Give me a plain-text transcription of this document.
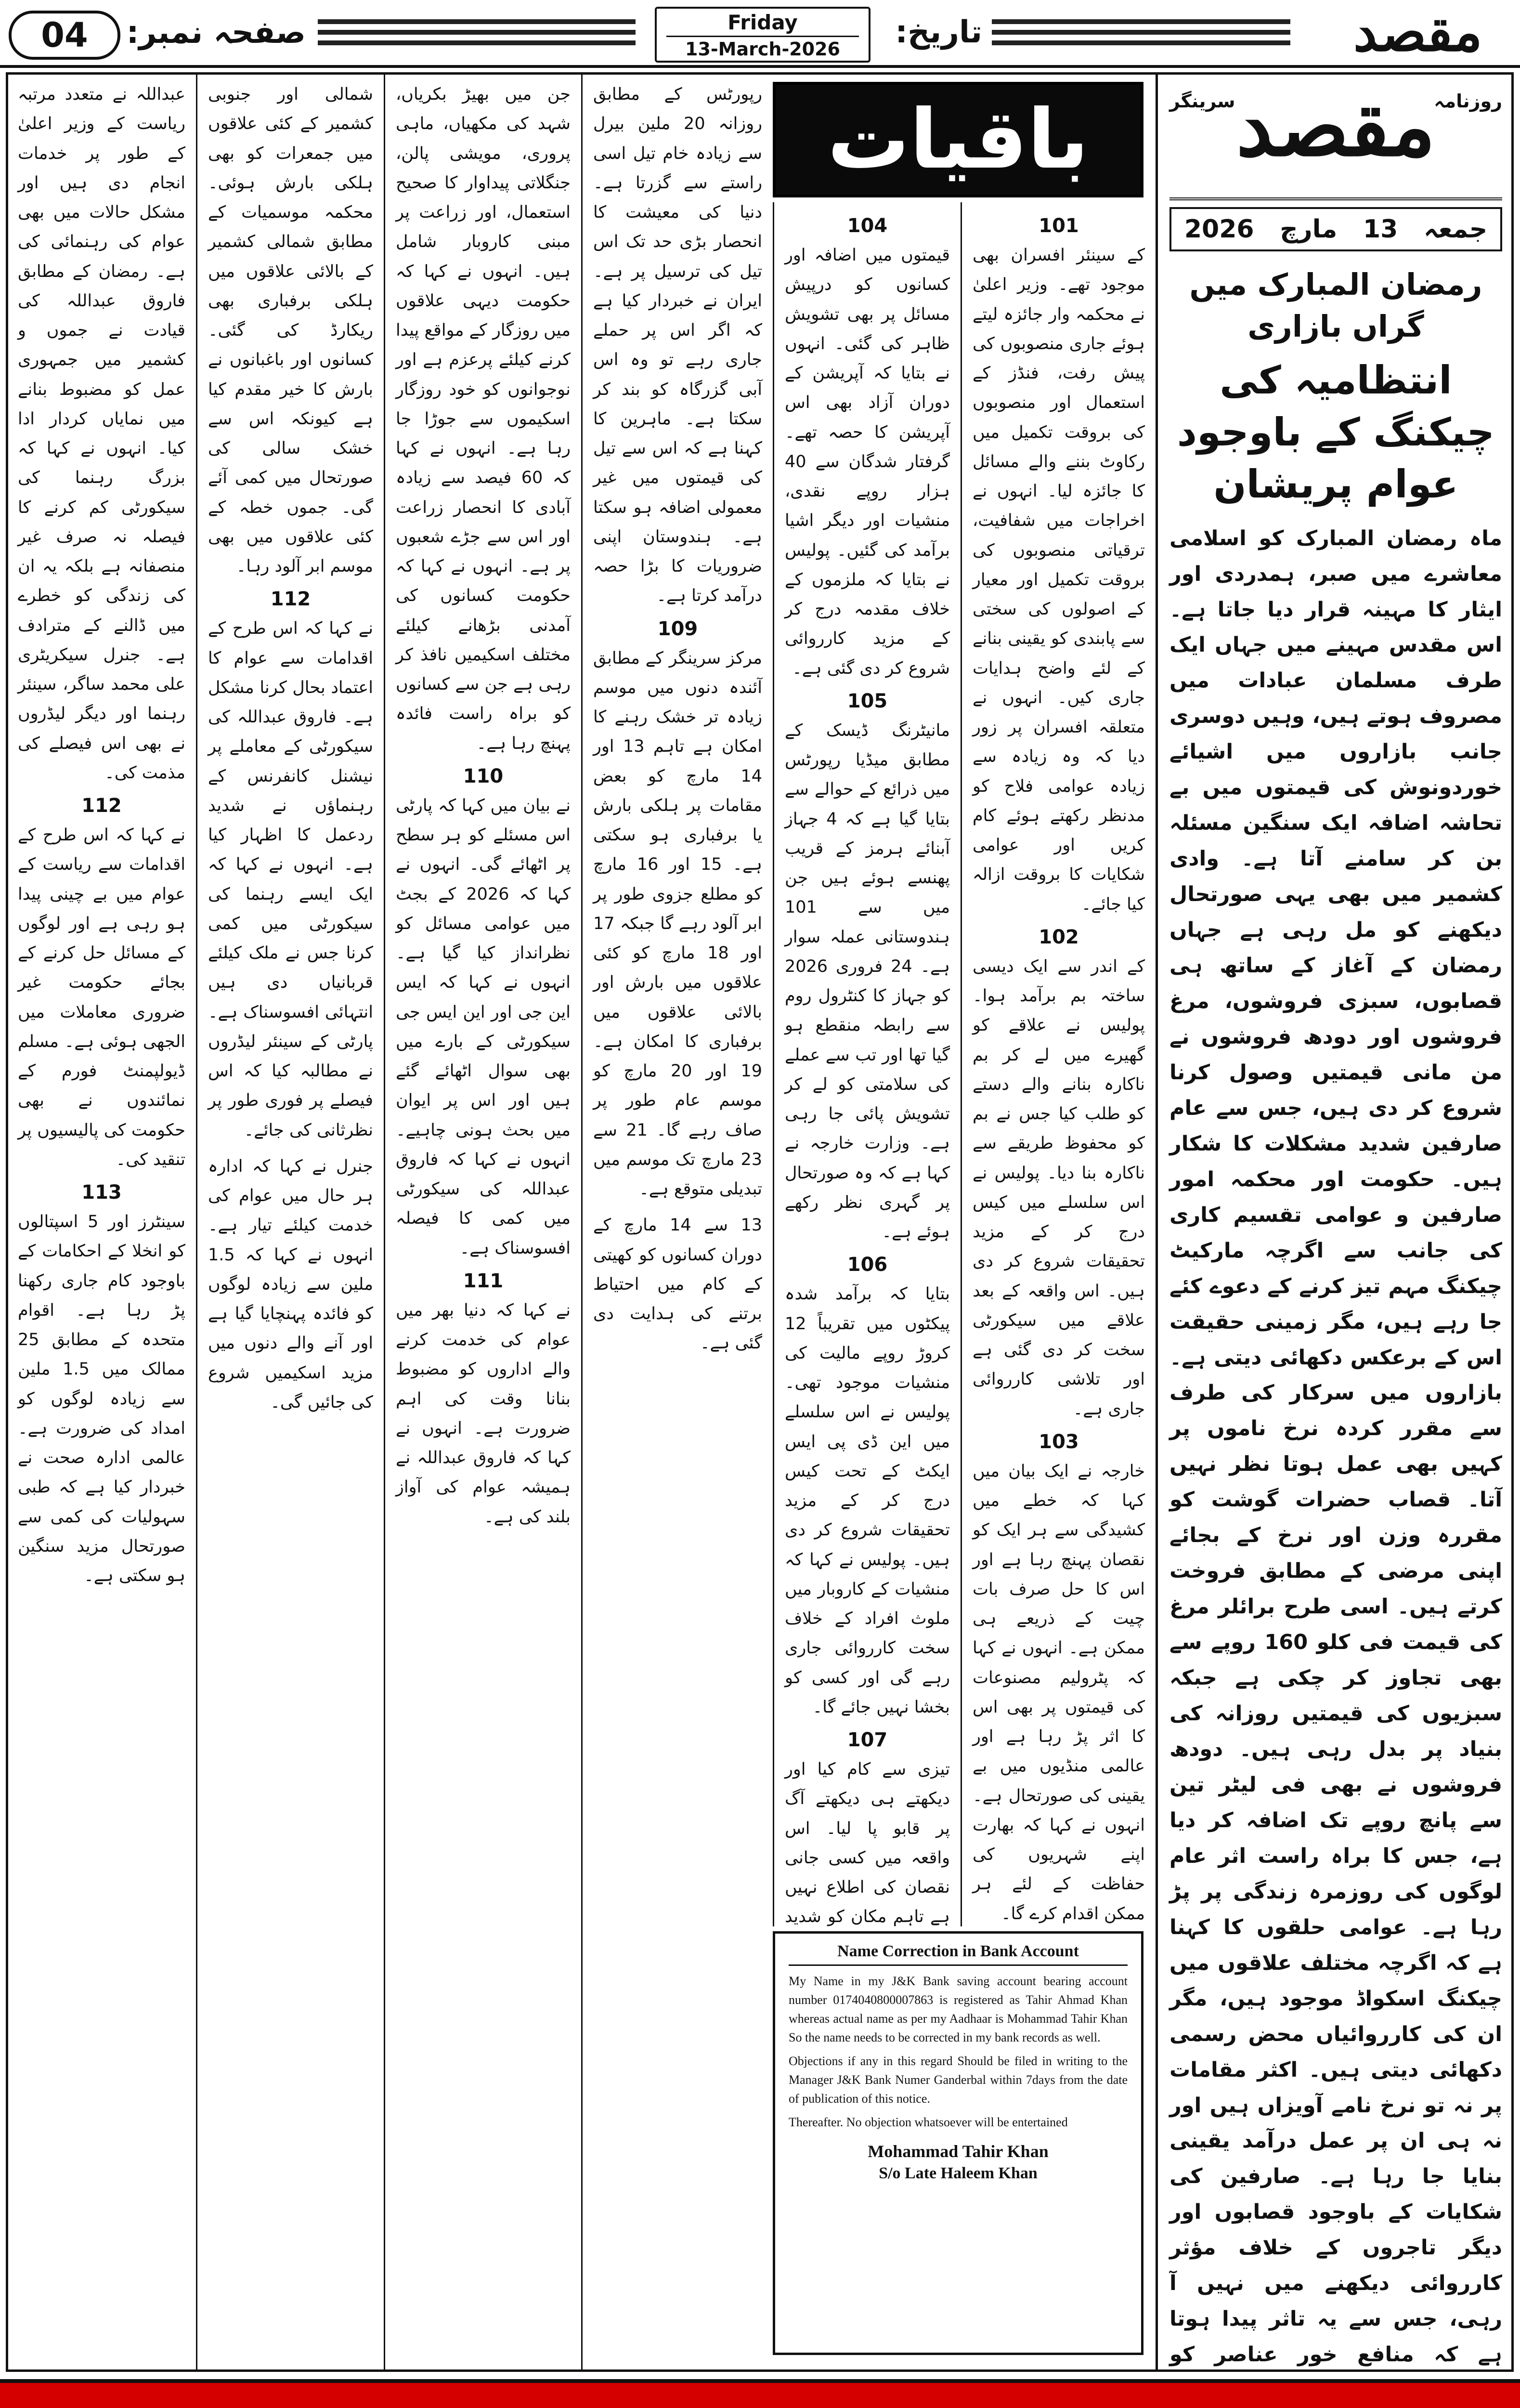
04	صفحہ نمبر:	Friday
13-March-2026	تاریخ:	مقصد

عبداللہ نے متعدد مرتبہ ریاست کے وزیر اعلیٰ کے طور پر خدمات انجام دی ہیں اور مشکل حالات میں بھی عوام کی رہنمائی کی ہے۔ رمضان کے مطابق فاروق عبداللہ کی قیادت نے جموں و کشمیر میں جمہوری عمل کو مضبوط بنانے میں نمایاں کردار ادا کیا۔ انہوں نے کہا کہ بزرگ رہنما کی سیکورٹی کم کرنے کا فیصلہ نہ صرف غیر منصفانہ ہے بلکہ یہ ان کی زندگی کو خطرے میں ڈالنے کے مترادف ہے۔ جنرل سیکریٹری علی محمد ساگر، سینئر رہنما اور دیگر لیڈروں نے بھی اس فیصلے کی مذمت کی۔

112

نے کہا کہ اس طرح کے اقدامات سے ریاست کے عوام میں بے چینی پیدا ہو رہی ہے اور لوگوں کے مسائل حل کرنے کے بجائے حکومت غیر ضروری معاملات میں الجھی ہوئی ہے۔ مسلم ڈیولپمنٹ فورم کے نمائندوں نے بھی حکومت کی پالیسیوں پر تنقید کی۔

113

سینٹرز اور 5 اسپتالوں کو انخلا کے احکامات کے باوجود کام جاری رکھنا پڑ رہا ہے۔ اقوام متحدہ کے مطابق 25 ممالک میں 1.5 ملین سے زیادہ لوگوں کو امداد کی ضرورت ہے۔ عالمی ادارہ صحت نے خبردار کیا ہے کہ طبی سہولیات کی کمی سے صورتحال مزید سنگین ہو سکتی ہے۔

شمالی اور جنوبی کشمیر کے کئی علاقوں میں جمعرات کو بھی ہلکی بارش ہوئی۔ محکمہ موسمیات کے مطابق شمالی کشمیر کے بالائی علاقوں میں ہلکی برفباری بھی ریکارڈ کی گئی۔ کسانوں اور باغبانوں نے بارش کا خیر مقدم کیا ہے کیونکہ اس سے خشک سالی کی صورتحال میں کمی آئے گی۔ جموں خطہ کے کئی علاقوں میں بھی موسم ابر آلود رہا۔

112

نے کہا کہ اس طرح کے اقدامات سے عوام کا اعتماد بحال کرنا مشکل ہے۔ فاروق عبداللہ کی سیکورٹی کے معاملے پر نیشنل کانفرنس کے رہنماؤں نے شدید ردعمل کا اظہار کیا ہے۔ انہوں نے کہا کہ ایک ایسے رہنما کی سیکورٹی میں کمی کرنا جس نے ملک کیلئے قربانیاں دی ہیں انتہائی افسوسناک ہے۔ پارٹی کے سینئر لیڈروں نے مطالبہ کیا کہ اس فیصلے پر فوری طور پر نظرثانی کی جائے۔

جنرل نے کہا کہ ادارہ ہر حال میں عوام کی خدمت کیلئے تیار ہے۔ انہوں نے کہا کہ 1.5 ملین سے زیادہ لوگوں کو فائدہ پہنچایا گیا ہے اور آنے والے دنوں میں مزید اسکیمیں شروع کی جائیں گی۔

جن میں بھیڑ بکریاں، شہد کی مکھیاں، ماہی پروری، مویشی پالن، جنگلاتی پیداوار کا صحیح استعمال، اور زراعت پر مبنی کاروبار شامل ہیں۔ انہوں نے کہا کہ حکومت دیہی علاقوں میں روزگار کے مواقع پیدا کرنے کیلئے پرعزم ہے اور نوجوانوں کو خود روزگار اسکیموں سے جوڑا جا رہا ہے۔ انہوں نے کہا کہ 60 فیصد سے زیادہ آبادی کا انحصار زراعت اور اس سے جڑے شعبوں پر ہے۔ انہوں نے کہا کہ حکومت کسانوں کی آمدنی بڑھانے کیلئے مختلف اسکیمیں نافذ کر رہی ہے جن سے کسانوں کو براہ راست فائدہ پہنچ رہا ہے۔

110

نے بیان میں کہا کہ پارٹی اس مسئلے کو ہر سطح پر اٹھائے گی۔ انہوں نے کہا کہ 2026 کے بجٹ میں عوامی مسائل کو نظرانداز کیا گیا ہے۔ انہوں نے کہا کہ ایس این جی اور این ایس جی سیکورٹی کے بارے میں بھی سوال اٹھائے گئے ہیں اور اس پر ایوان میں بحث ہونی چاہیے۔ انہوں نے کہا کہ فاروق عبداللہ کی سیکورٹی میں کمی کا فیصلہ افسوسناک ہے۔

111

نے کہا کہ دنیا بھر میں عوام کی خدمت کرنے والے اداروں کو مضبوط بنانا وقت کی اہم ضرورت ہے۔ انہوں نے کہا کہ فاروق عبداللہ نے ہمیشہ عوام کی آواز بلند کی ہے۔

رپورٹس کے مطابق روزانہ 20 ملین بیرل سے زیادہ خام تیل اسی راستے سے گزرتا ہے۔ دنیا کی معیشت کا انحصار بڑی حد تک اس تیل کی ترسیل پر ہے۔ ایران نے خبردار کیا ہے کہ اگر اس پر حملے جاری رہے تو وہ اس آبی گزرگاہ کو بند کر سکتا ہے۔ ماہرین کا کہنا ہے کہ اس سے تیل کی قیمتوں میں غیر معمولی اضافہ ہو سکتا ہے۔ ہندوستان اپنی ضروریات کا بڑا حصہ درآمد کرتا ہے۔

109

مرکز سرینگر کے مطابق آئندہ دنوں میں موسم زیادہ تر خشک رہنے کا امکان ہے تاہم 13 اور 14 مارچ کو بعض مقامات پر ہلکی بارش یا برفباری ہو سکتی ہے۔ 15 اور 16 مارچ کو مطلع جزوی طور پر ابر آلود رہے گا جبکہ 17 اور 18 مارچ کو کئی علاقوں میں بارش اور بالائی علاقوں میں برفباری کا امکان ہے۔ 19 اور 20 مارچ کو موسم عام طور پر صاف رہے گا۔ 21 سے 23 مارچ تک موسم میں تبدیلی متوقع ہے۔

13 سے 14 مارچ کے دوران کسانوں کو کھیتی کے کام میں احتیاط برتنے کی ہدایت دی گئی ہے۔

104

قیمتوں میں اضافہ اور کسانوں کو درپیش مسائل پر بھی تشویش ظاہر کی گئی۔ انہوں نے بتایا کہ آپریشن کے دوران آزاد بھی اس آپریشن کا حصہ تھے۔ گرفتار شدگان سے 40 ہزار روپے نقدی، منشیات اور دیگر اشیا برآمد کی گئیں۔ پولیس نے بتایا کہ ملزموں کے خلاف مقدمہ درج کر کے مزید کارروائی شروع کر دی گئی ہے۔

105

مانیٹرنگ ڈیسک کے مطابق میڈیا رپورٹس میں ذرائع کے حوالے سے بتایا گیا ہے کہ 4 جہاز آبنائے ہرمز کے قریب پھنسے ہوئے ہیں جن میں سے 101 ہندوستانی عملہ سوار ہے۔ 24 فروری 2026 کو جہاز کا کنٹرول روم سے رابطہ منقطع ہو گیا تھا اور تب سے عملے کی سلامتی کو لے کر تشویش پائی جا رہی ہے۔ وزارت خارجہ نے کہا ہے کہ وہ صورتحال پر گہری نظر رکھے ہوئے ہے۔

106

بتایا کہ برآمد شدہ پیکٹوں میں تقریباً 12 کروڑ روپے مالیت کی منشیات موجود تھی۔ پولیس نے اس سلسلے میں این ڈی پی ایس ایکٹ کے تحت کیس درج کر کے مزید تحقیقات شروع کر دی ہیں۔ پولیس نے کہا کہ منشیات کے کاروبار میں ملوث افراد کے خلاف سخت کارروائی جاری رہے گی اور کسی کو بخشا نہیں جائے گا۔

107

تیزی سے کام کیا اور دیکھتے ہی دیکھتے آگ پر قابو پا لیا۔ اس واقعہ میں کسی جانی نقصان کی اطلاع نہیں ہے تاہم مکان کو شدید

101

کے سینئر افسران بھی موجود تھے۔ وزیر اعلیٰ نے محکمہ وار جائزہ لیتے ہوئے جاری منصوبوں کی پیش رفت، فنڈز کے استعمال اور منصوبوں کی بروقت تکمیل میں رکاوٹ بننے والے مسائل کا جائزہ لیا۔ انہوں نے اخراجات میں شفافیت، ترقیاتی منصوبوں کی بروقت تکمیل اور معیار کے اصولوں کی سختی سے پابندی کو یقینی بنانے کے لئے واضح ہدایات جاری کیں۔ انہوں نے متعلقہ افسران پر زور دیا کہ وہ زیادہ سے زیادہ عوامی فلاح کو مدنظر رکھتے ہوئے کام کریں اور عوامی شکایات کا بروقت ازالہ کیا جائے۔

102

کے اندر سے ایک دیسی ساختہ بم برآمد ہوا۔ پولیس نے علاقے کو گھیرے میں لے کر بم ناکارہ بنانے والے دستے کو طلب کیا جس نے بم کو محفوظ طریقے سے ناکارہ بنا دیا۔ پولیس نے اس سلسلے میں کیس درج کر کے مزید تحقیقات شروع کر دی ہیں۔ اس واقعہ کے بعد علاقے میں سیکورٹی سخت کر دی گئی ہے اور تلاشی کارروائی جاری ہے۔

103

خارجہ نے ایک بیان میں کہا کہ خطے میں کشیدگی سے ہر ایک کو نقصان پہنچ رہا ہے اور اس کا حل صرف بات چیت کے ذریعے ہی ممکن ہے۔ انہوں نے کہا کہ پٹرولیم مصنوعات کی قیمتوں پر بھی اس کا اثر پڑ رہا ہے اور عالمی منڈیوں میں بے یقینی کی صورتحال ہے۔ انہوں نے کہا کہ بھارت اپنے شہریوں کی حفاظت کے لئے ہر ممکن اقدام کرے گا۔

باقیات
Name Correction in Bank Account

My Name in my J&K Bank saving account bearing account number 0174040800007863 is registered as Tahir Ahmad Khan whereas actual name as per my Aadhaar is Mohammad Tahir Khan So the name needs to be corrected in my bank records as well.

Objections if any in this regard Should be filed in writing to the Manager J&K Bank Numer Ganderbal within 7days from the date of publication of this notice.

Thereafter. No objection whatsoever will be entertained

Mohammad Tahir Khan
S/o Late Haleem Khan
روزنامہ
مقصد
سرینگر
جمعہ
13
مارچ
2026
رمضان المبارک میں گراں بازاری
انتظامیہ کی چیکنگ کے باوجود عوام پریشان
ماہ رمضان المبارک کو اسلامی معاشرے میں صبر، ہمدردی اور ایثار کا مہینہ قرار دیا جاتا ہے۔ اس مقدس مہینے میں جہاں ایک طرف مسلمان عبادات میں مصروف ہوتے ہیں، وہیں دوسری جانب بازاروں میں اشیائے خوردونوش کی قیمتوں میں بے تحاشہ اضافہ ایک سنگین مسئلہ بن کر سامنے آتا ہے۔ وادی کشمیر میں بھی یہی صورتحال دیکھنے کو مل رہی ہے جہاں رمضان کے آغاز کے ساتھ ہی قصابوں، سبزی فروشوں، مرغ فروشوں اور دودھ فروشوں نے من مانی قیمتیں وصول کرنا شروع کر دی ہیں، جس سے عام صارفین شدید مشکلات کا شکار ہیں۔ حکومت اور محکمہ امور صارفین و عوامی تقسیم کاری کی جانب سے اگرچہ مارکیٹ چیکنگ مہم تیز کرنے کے دعوے کئے جا رہے ہیں، مگر زمینی حقیقت اس کے برعکس دکھائی دیتی ہے۔ بازاروں میں سرکار کی طرف سے مقرر کردہ نرخ ناموں پر کہیں بھی عمل ہوتا نظر نہیں آتا۔ قصاب حضرات گوشت کو مقررہ وزن اور نرخ کے بجائے اپنی مرضی کے مطابق فروخت کرتے ہیں۔ اسی طرح برائلر مرغ کی قیمت فی کلو 160 روپے سے بھی تجاوز کر چکی ہے جبکہ سبزیوں کی قیمتیں روزانہ کی بنیاد پر بدل رہی ہیں۔ دودھ فروشوں نے بھی فی لیٹر تین سے پانچ روپے تک اضافہ کر دیا ہے، جس کا براہ راست اثر عام لوگوں کی روزمرہ زندگی پر پڑ رہا ہے۔ عوامی حلقوں کا کہنا ہے کہ اگرچہ مختلف علاقوں میں چیکنگ اسکواڈ موجود ہیں، مگر ان کی کارروائیاں محض رسمی دکھائی دیتی ہیں۔ اکثر مقامات پر نہ تو نرخ نامے آویزاں ہیں اور نہ ہی ان پر عمل درآمد یقینی بنایا جا رہا ہے۔ صارفین کی شکایات کے باوجود قصابوں اور دیگر تاجروں کے خلاف مؤثر کارروائی دیکھنے میں نہیں آ رہی، جس سے یہ تاثر پیدا ہوتا ہے کہ منافع خور عناصر کو
